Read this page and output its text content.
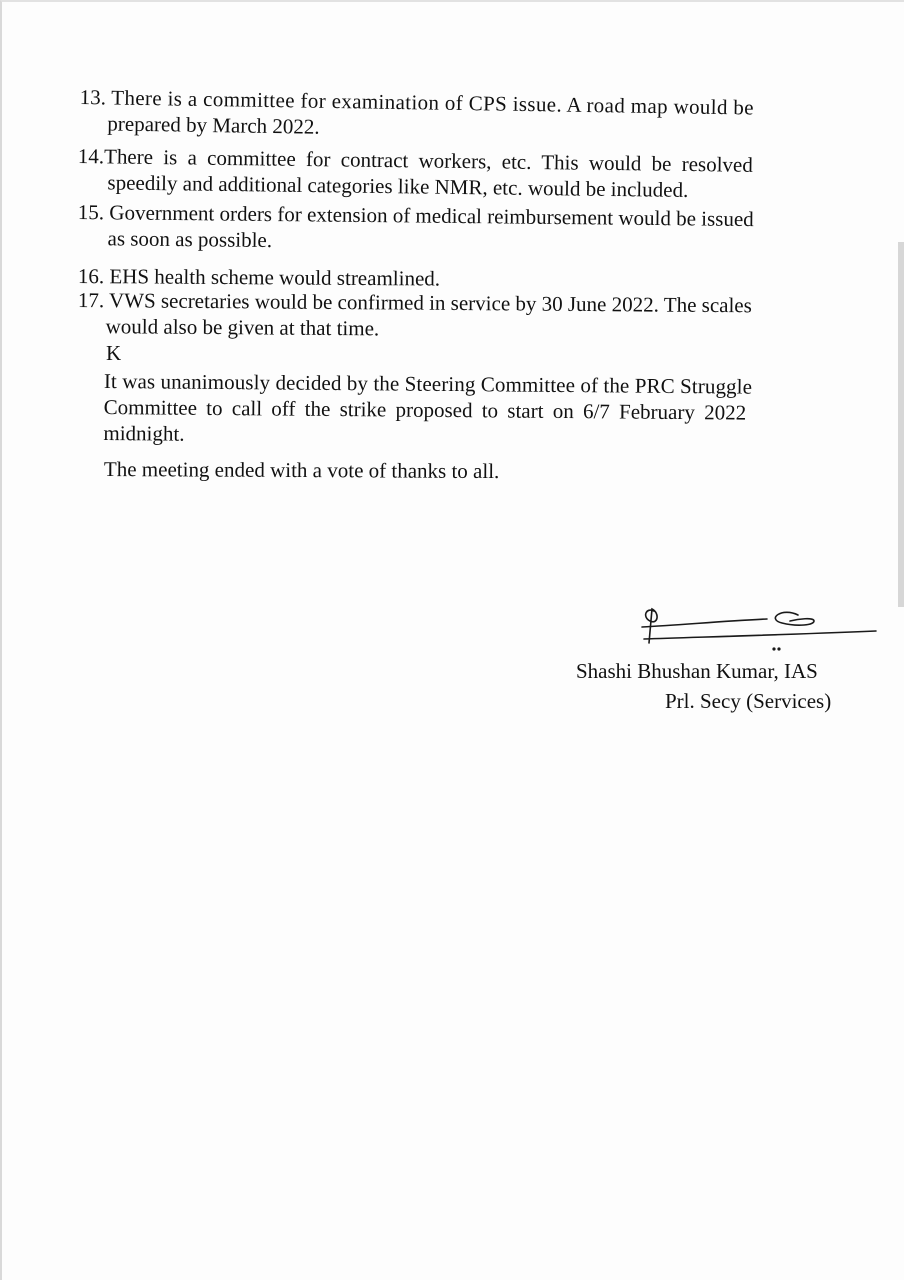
13. There is a committee for examination of CPS issue. A road map would be
prepared by March 2022.
14.There is a committee for contract workers, etc. This would be resolved
speedily and additional categories like NMR, etc. would be included.
15. Government orders for extension of medical reimbursement would be issued
as soon as possible.
16. EHS health scheme would streamlined.
17. VWS secretaries would be confirmed in service by 30 June 2022. The scales
would also be given at that time.
K
It was unanimously decided by the Steering Committee of the PRC Struggle
Committee to call off the strike proposed to start on 6/7 February 2022
midnight.
The meeting ended with a vote of thanks to all.
Shashi Bhushan Kumar, IAS
Prl. Secy (Services)
